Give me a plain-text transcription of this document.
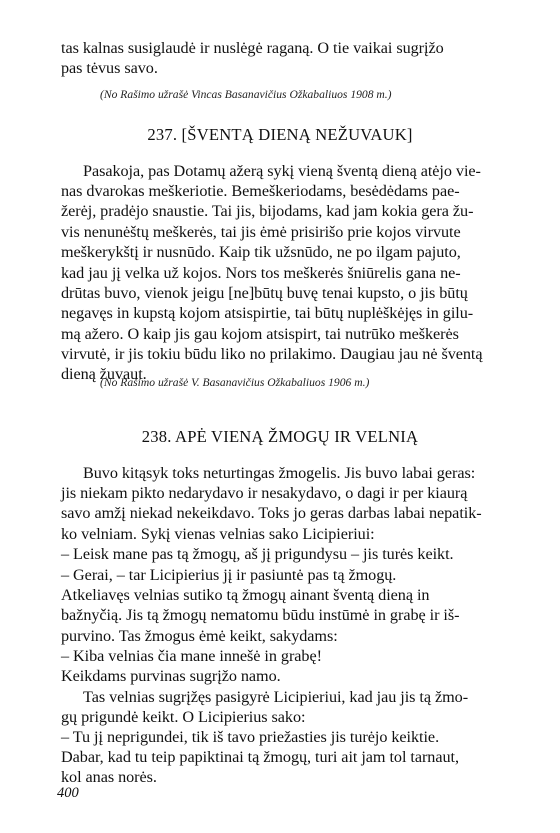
tas kalnas susiglaudė ir nuslėgė raganą. O tie vaikai sugrįžo
pas tėvus savo.
(No Rašimo užrašė Vincas Basanavičius Ožkabaliuos 1908 m.)
237. [ŠVENTĄ DIENĄ NEŽUVAUK]
Pasakoja, pas Dotamų ažerą sykį vieną šventą dieną atėjo vie-
nas dvarokas meškeriotie. Bemeškeriodams, besėdėdams pae-
žerėj, pradėjo snaustie. Tai jis, bijodams, kad jam kokia gera žu-
vis nenunėštų meškerės, tai jis ėmė prisirišo prie kojos virvute
meškerykštį ir nusnūdo. Kaip tik užsnūdo, ne po ilgam pajuto,
kad jau jį velka už kojos. Nors tos meškerės šniūrelis gana ne-
drūtas buvo, vienok jeigu [ne]būtų buvę tenai kupsto, o jis būtų
negavęs in kupstą kojom atsispirtie, tai būtų nuplėškėjęs in gilu-
mą ažero. O kaip jis gau kojom atsispirt, tai nutrūko meškerės
virvutė, ir jis tokiu būdu liko no prilakimo. Daugiau jau nė šventą
dieną žuvaut.
(No Rašimo užrašė V. Basanavičius Ožkabaliuos 1906 m.)
238. APĖ VIENĄ ŽMOGŲ IR VELNIĄ
Buvo kitąsyk toks neturtingas žmogelis. Jis buvo labai geras:
jis niekam pikto nedarydavo ir nesakydavo, o dagi ir per kiaurą
savo amžį niekad nekeikdavo. Toks jo geras darbas labai nepatik-
ko velniam. Sykį vienas velnias sako Licipieriui:
– Leisk mane pas tą žmogų, aš jį prigundysu – jis turės keikt.
– Gerai, – tar Licipierius jį ir pasiuntė pas tą žmogų.
Atkeliavęs velnias sutiko tą žmogų ainant šventą dieną in
bažnyčią. Jis tą žmogų nematomu būdu instūmė in grabę ir iš-
purvino. Tas žmogus ėmė keikt, sakydams:
– Kiba velnias čia mane innešė in grabę!
Keikdams purvinas sugrįžo namo.
Tas velnias sugrįžęs pasigyrė Licipieriui, kad jau jis tą žmo-
gų prigundė keikt. O Licipierius sako:
– Tu jį neprigundei, tik iš tavo priežasties jis turėjo keiktie.
Dabar, kad tu teip papiktinai tą žmogų, turi ait jam tol tarnaut,
kol anas norės.
400
